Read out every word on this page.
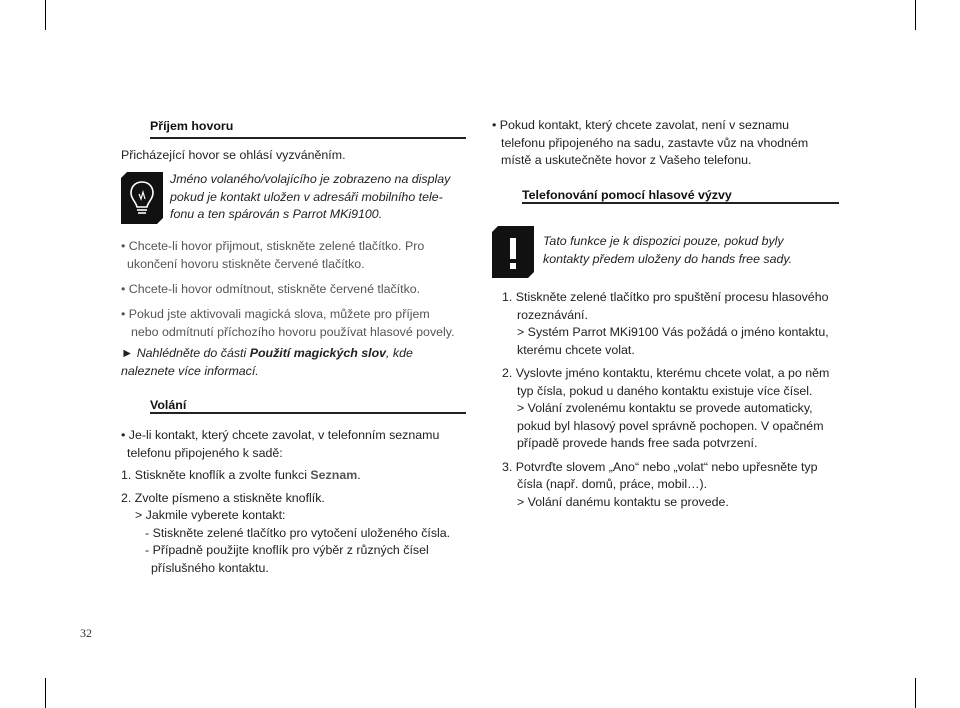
Příjem hovoru
Přicházející hovor se ohlásí vyzváněním.
Jméno volaného/volajícího je zobrazeno na display
pokud je kontakt uložen v adresáři mobilního tele-
fonu a ten spárován s Parrot MKi9100.
• Chcete-li hovor přijmout, stiskněte zelené tlačítko. Pro
ukončení hovoru stiskněte červené tlačítko.
• Chcete-li hovor odmítnout, stiskněte červené tlačítko.
• Pokud jste aktivovali magická slova, můžete pro příjem
nebo odmítnutí příchozího hovoru používat hlasové povely.
► Nahlédněte do části Použití magických slov, kde
naleznete více informací.
Volání
• Je-li kontakt, který chcete zavolat, v telefonním seznamu
telefonu připojeného k sadě:
1. Stiskněte knoflík a zvolte funkci Seznam.
2. Zvolte písmeno a stiskněte knoflík.
> Jakmile vyberete kontakt:
- Stiskněte zelené tlačítko pro vytočení uloženého čísla.
- Případně použijte knoflík pro výběr z různých čísel
příslušného kontaktu.
32
• Pokud kontakt, který chcete zavolat, není v seznamu
telefonu připojeného na sadu, zastavte vůz na vhodném
místě a uskutečněte hovor z Vašeho telefonu.
Telefonování pomocí hlasové výzvy
Tato funkce je k dispozici pouze, pokud byly
kontakty předem uloženy do hands free sady.
1. Stiskněte zelené tlačítko pro spuštění procesu hlasového
rozeznávání.
> Systém Parrot MKi9100 Vás požádá o jméno kontaktu,
kterému chcete volat.
2. Vyslovte jméno kontaktu, kterému chcete volat, a po něm
typ čísla, pokud u daného kontaktu existuje více čísel.
> Volání zvolenému kontaktu se provede automaticky,
pokud byl hlasový povel správně pochopen. V opačném
případě provede hands free sada potvrzení.
3. Potvrďte slovem „Ano“ nebo „volat“ nebo upřesněte typ
čísla (např. domů, práce, mobil…).
> Volání danému kontaktu se provede.
